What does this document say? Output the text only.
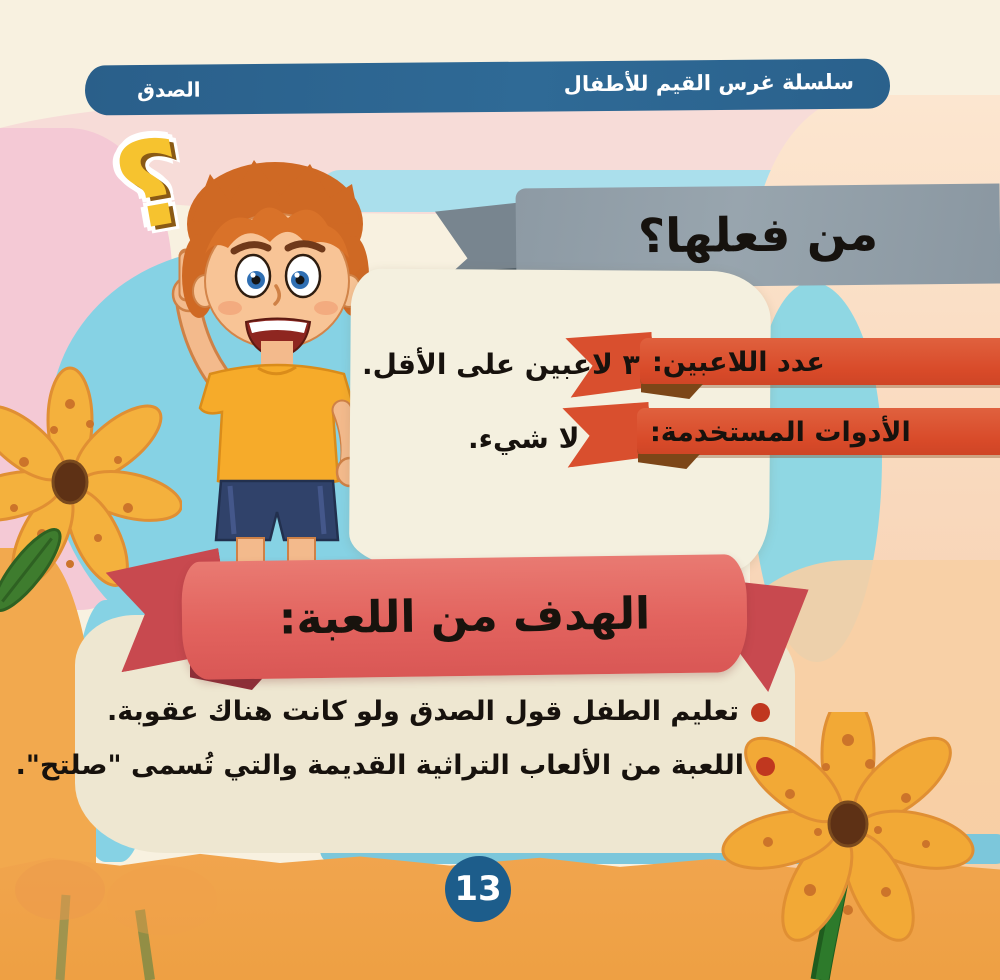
سلسلة غرس القيم للأطفال
الصدق
؟	من فعلها؟
عدد اللاعبين:
٣ لاعبين على الأقل.
الأدوات المستخدمة:
لا شيء.
الهدف من اللعبة:
تعليم الطفل قول الصدق ولو كانت هناك عقوبة.
اللعبة من الألعاب التراثية القديمة والتي تُسمى "صلتح".
13
